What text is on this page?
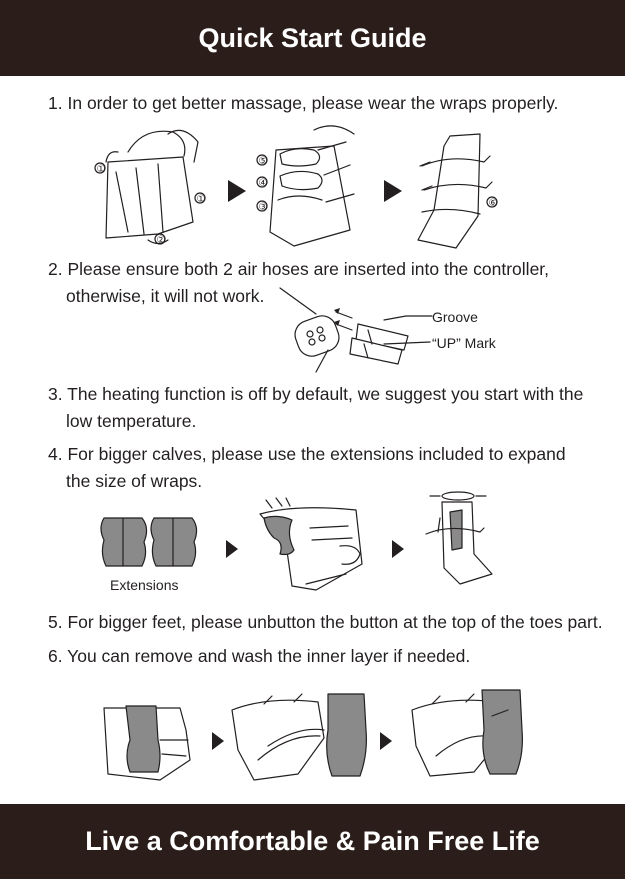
Quick Start Guide
1. In order to get better massage, please wear the wraps properly.
①
①
②
⑤
④
③	⑥
2. Please ensure both 2 air hoses are inserted into the controller,
otherwise, it will not work.
Groove
“UP” Mark
3. The heating function is off by default, we suggest you start with the
low temperature.
4. For bigger calves, please use the extensions included to expand
the size of wraps.
Extensions
5. For bigger feet, please unbutton the button at the top of the toes part.
6. You can remove and wash the inner layer if needed.
Live a Comfortable & Pain Free Life
